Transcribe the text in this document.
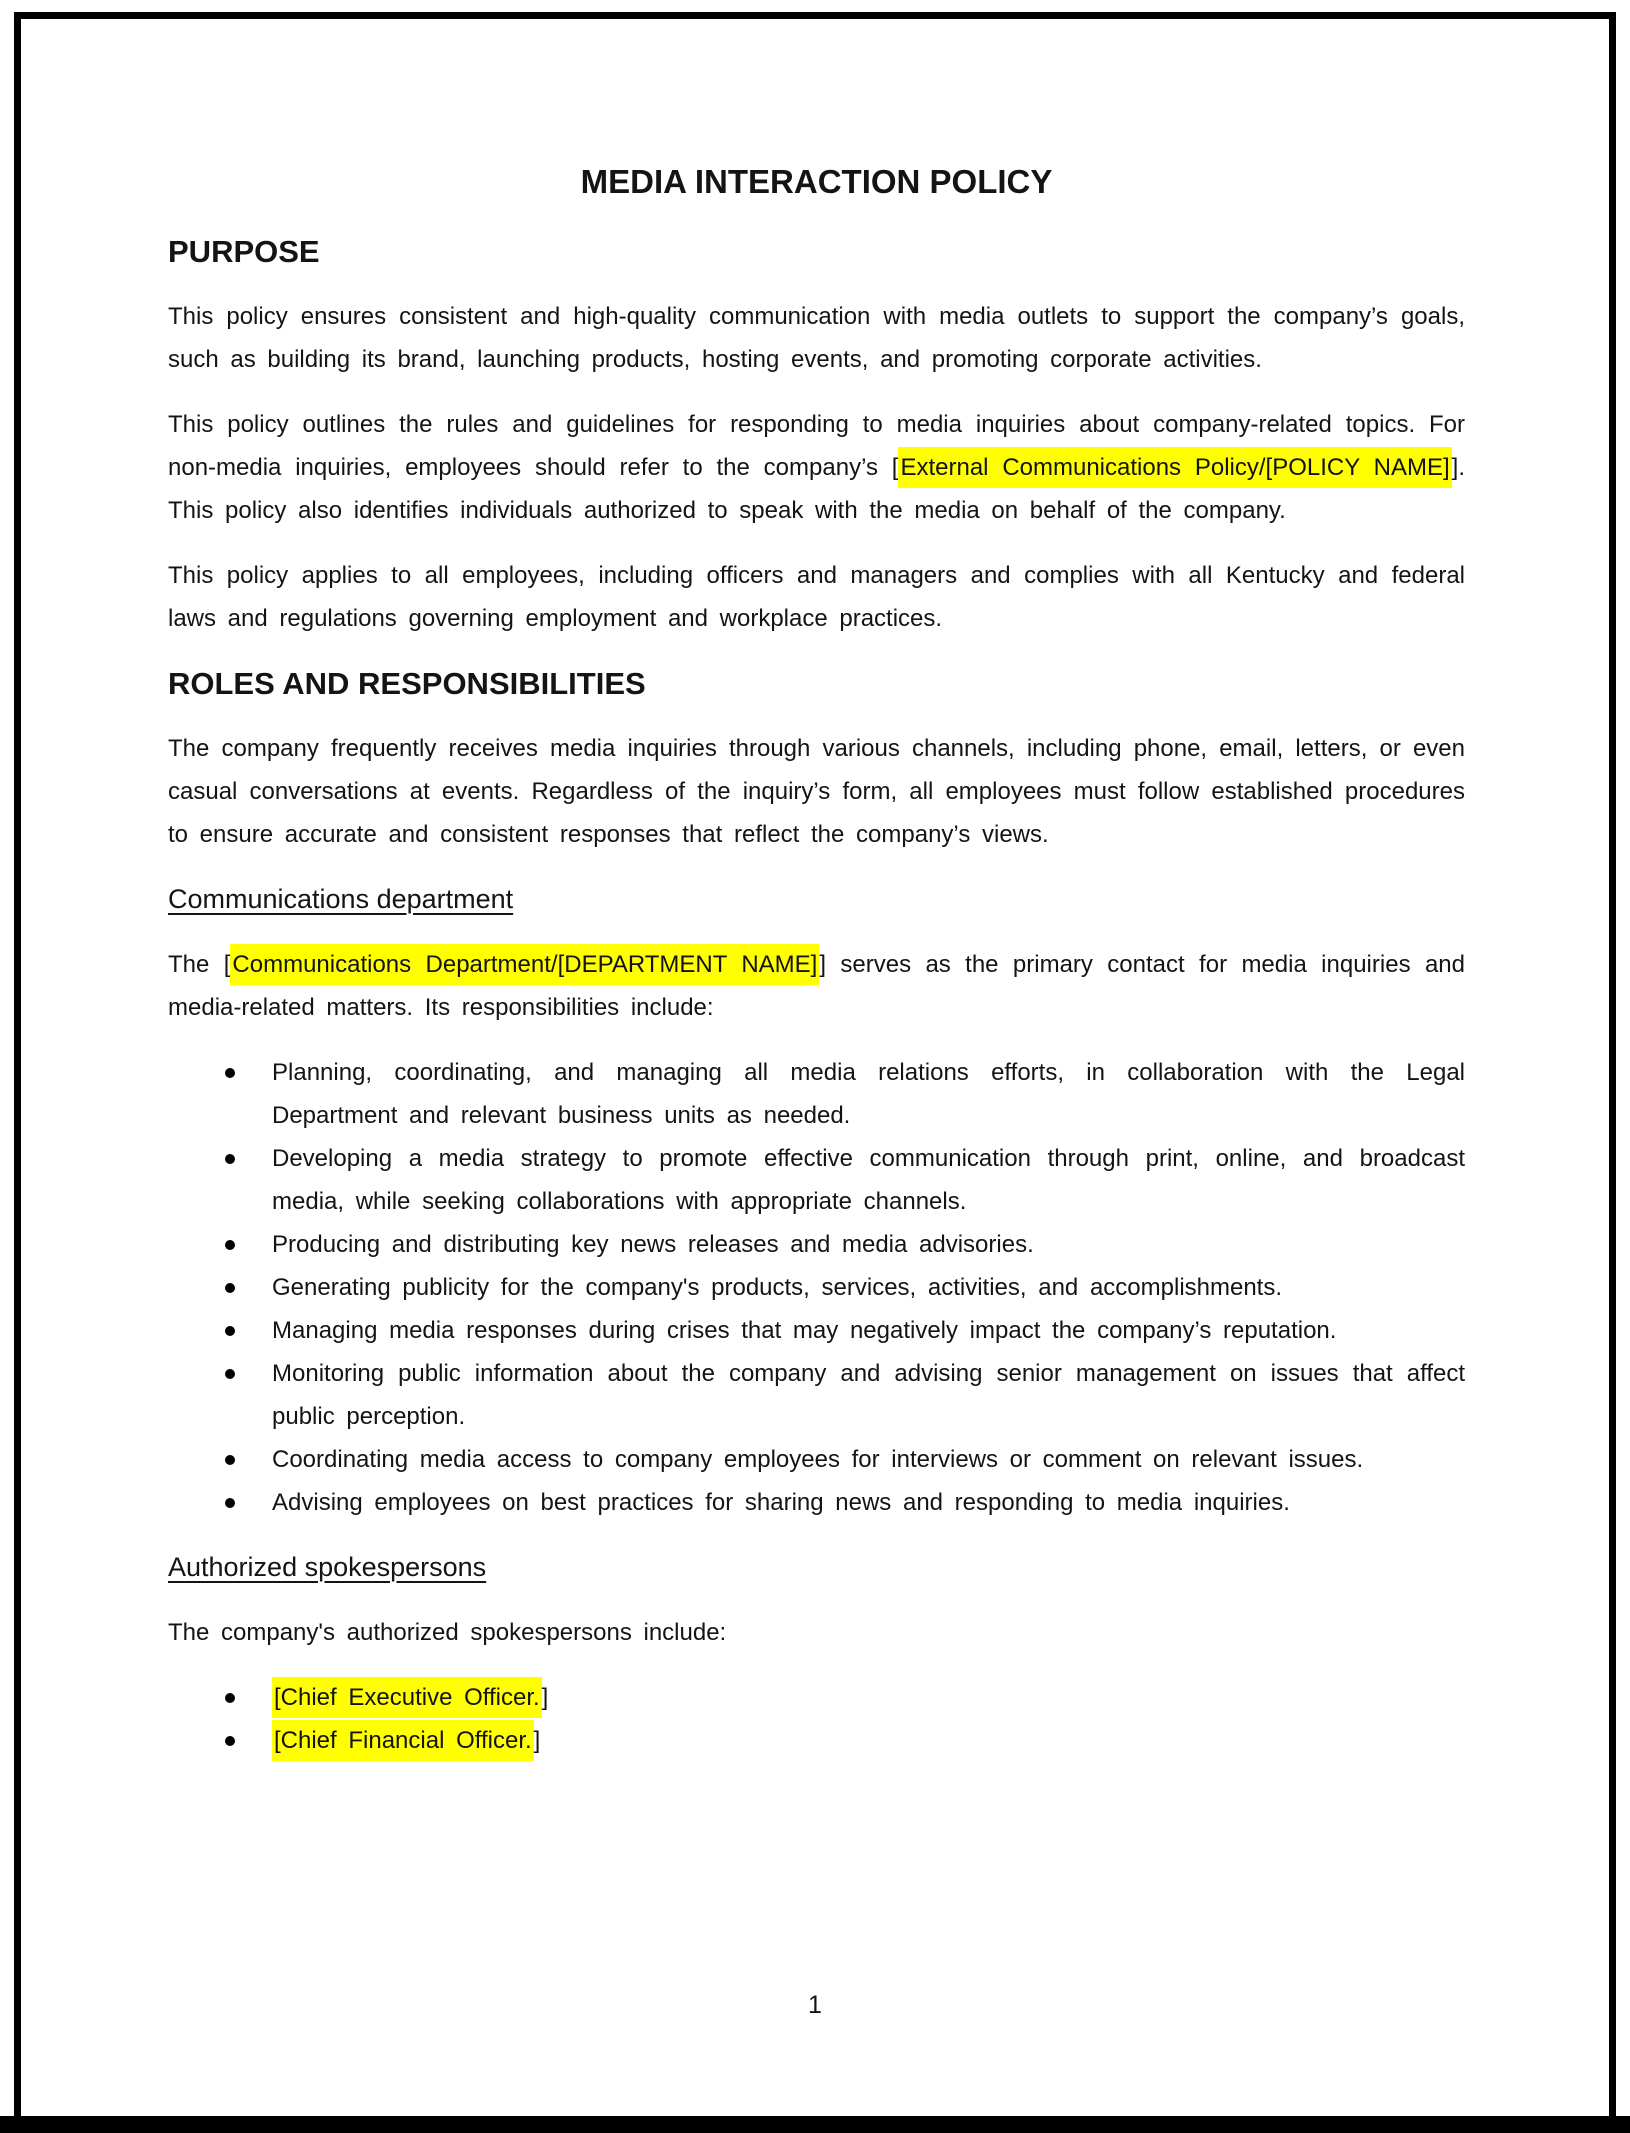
MEDIA INTERACTION POLICY
PURPOSE

This policy ensures consistent and high-quality communication with media outlets to support the company’s goals, such as building its brand, launching products, hosting events, and promoting corporate activities.

This policy outlines the rules and guidelines for responding to media inquiries about company-related topics. For non-media inquiries, employees should refer to the company’s [External Communications Policy/[POLICY NAME]]. This policy also identifies individuals authorized to speak with the media on behalf of the company.

This policy applies to all employees, including officers and managers and complies with all Kentucky and federal laws and regulations governing employment and workplace practices.

ROLES AND RESPONSIBILITIES

The company frequently receives media inquiries through various channels, including phone, email, letters, or even casual conversations at events. Regardless of the inquiry’s form, all employees must follow established procedures to ensure accurate and consistent responses that reflect the company’s views.

Communications department

The [Communications Department/[DEPARTMENT NAME]] serves as the primary contact for media inquiries and media-related matters. Its responsibilities include:

Planning, coordinating, and managing all media relations efforts, in collaboration with the Legal Department and relevant business units as needed.
Developing a media strategy to promote effective communication through print, online, and broadcast media, while seeking collaborations with appropriate channels.
Producing and distributing key news releases and media advisories.
Generating publicity for the company's products, services, activities, and accomplishments.
Managing media responses during crises that may negatively impact the company’s reputation.
Monitoring public information about the company and advising senior management on issues that affect public perception.
Coordinating media access to company employees for interviews or comment on relevant issues.
Advising employees on best practices for sharing news and responding to media inquiries.
Authorized spokespersons

The company's authorized spokespersons include:

[Chief Executive Officer.]
[Chief Financial Officer.]
1
